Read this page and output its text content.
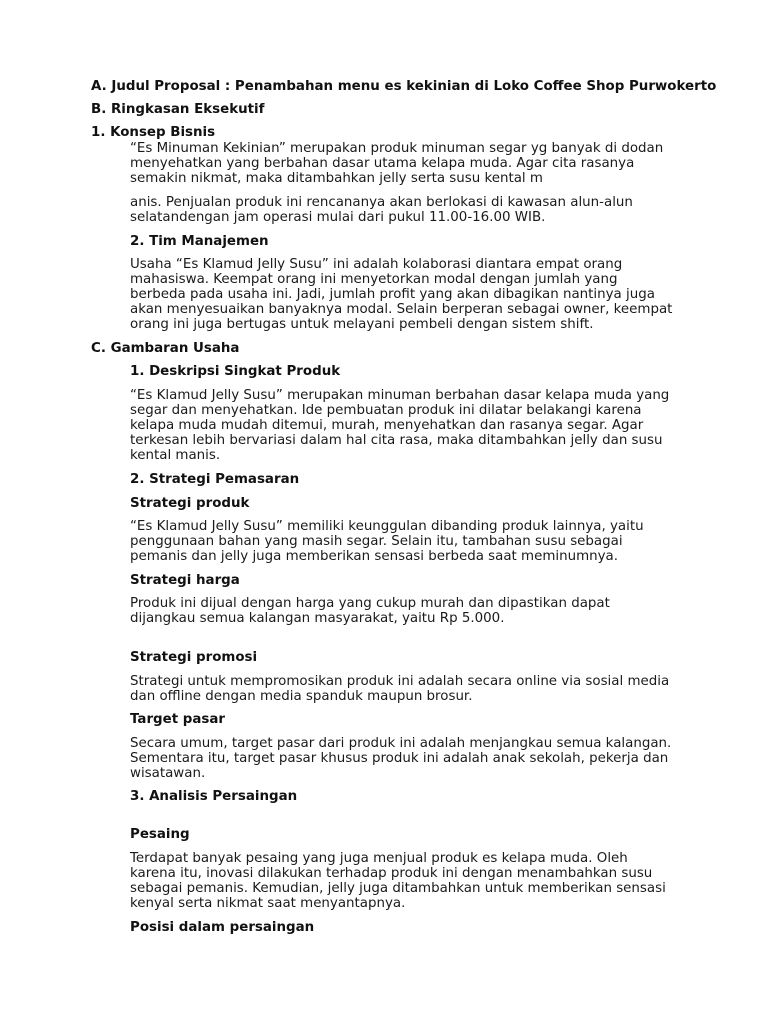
A. Judul Proposal : Penambahan menu es kekinian di Loko Coffee Shop Purwokerto
B. Ringkasan Eksekutif
1. Konsep Bisnis
“Es Minuman Kekinian” merupakan produk minuman segar yg banyak di dodan
menyehatkan yang berbahan dasar utama kelapa muda. Agar cita rasanya
semakin nikmat, maka ditambahkan jelly serta susu kental m
anis. Penjualan produk ini rencananya akan berlokasi di kawasan alun-alun
selatandengan jam operasi mulai dari pukul 11.00-16.00 WIB.
2. Tim Manajemen
Usaha “Es Klamud Jelly Susu” ini adalah kolaborasi diantara empat orang
mahasiswa. Keempat orang ini menyetorkan modal dengan jumlah yang
berbeda pada usaha ini. Jadi, jumlah profit yang akan dibagikan nantinya juga
akan menyesuaikan banyaknya modal. Selain berperan sebagai owner, keempat
orang ini juga bertugas untuk melayani pembeli dengan sistem shift.
C. Gambaran Usaha
1. Deskripsi Singkat Produk
“Es Klamud Jelly Susu” merupakan minuman berbahan dasar kelapa muda yang
segar dan menyehatkan. Ide pembuatan produk ini dilatar belakangi karena
kelapa muda mudah ditemui, murah, menyehatkan dan rasanya segar. Agar
terkesan lebih bervariasi dalam hal cita rasa, maka ditambahkan jelly dan susu
kental manis.
2. Strategi Pemasaran
Strategi produk
“Es Klamud Jelly Susu” memiliki keunggulan dibanding produk lainnya, yaitu
penggunaan bahan yang masih segar. Selain itu, tambahan susu sebagai
pemanis dan jelly juga memberikan sensasi berbeda saat meminumnya.
Strategi harga
Produk ini dijual dengan harga yang cukup murah dan dipastikan dapat
dijangkau semua kalangan masyarakat, yaitu Rp 5.000.
Strategi promosi
Strategi untuk mempromosikan produk ini adalah secara online via sosial media
dan offline dengan media spanduk maupun brosur.
Target pasar
Secara umum, target pasar dari produk ini adalah menjangkau semua kalangan.
Sementara itu, target pasar khusus produk ini adalah anak sekolah, pekerja dan
wisatawan.
3. Analisis Persaingan
Pesaing
Terdapat banyak pesaing yang juga menjual produk es kelapa muda. Oleh
karena itu, inovasi dilakukan terhadap produk ini dengan menambahkan susu
sebagai pemanis. Kemudian, jelly juga ditambahkan untuk memberikan sensasi
kenyal serta nikmat saat menyantapnya.
Posisi dalam persaingan
